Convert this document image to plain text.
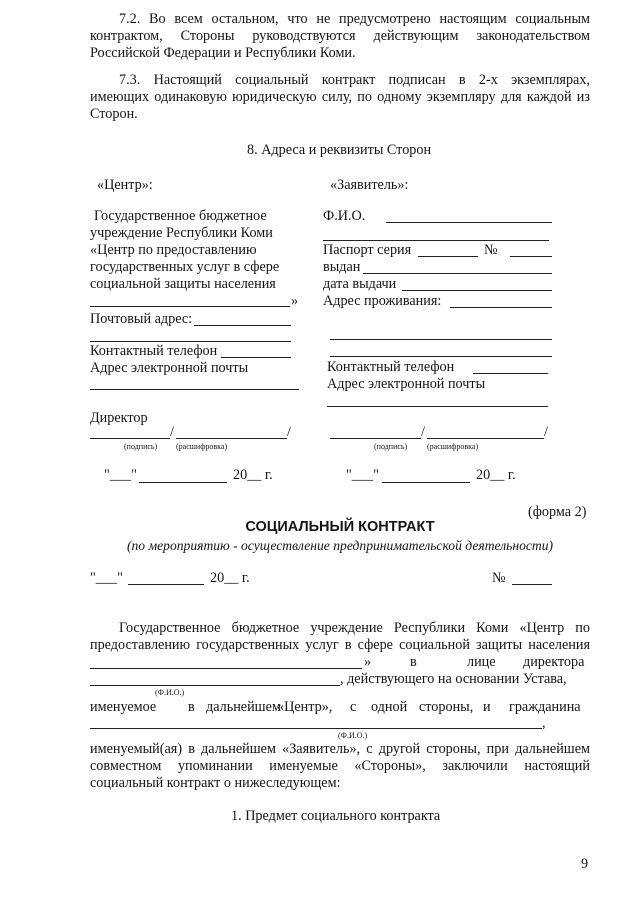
7.2. Во всем остальном, что не предусмотрено настоящим социальным
контрактом, Стороны руководствуются действующим законодательством
Российской Федерации и Республики Коми.
7.3. Настоящий социальный контракт подписан в 2-х экземплярах,
имеющих одинаковую юридическую силу, по одному экземпляру для каждой из
Сторон.
8. Адреса и реквизиты Сторон
«Центр»:
Государственное бюджетное
учреждение Республики Коми
«Центр по предоставлению
государственных услуг в сфере
социальной защиты населения
»
Почтовый адрес:
Контактный телефон
Адрес электронной почты
Директор
/	/
(подпись) (расшифровка)
"___"	20__ г.
«Заявитель»:
Ф.И.О.
Паспорт серия	№
выдан
дата выдачи
Адрес проживания:
Контактный телефон
Адрес электронной почты
/	/
(подпись) (расшифровка)
"___"	20__ г.
(форма 2)
СОЦИАЛЬНЫЙ КОНТРАКТ
(по мероприятию - осуществление предпринимательской деятельности)
"___"	20__ г.	№
Государственное бюджетное учреждение Республики Коми «Центр по
предоставлению государственных услуг в сфере социальной защиты населения
»	в	лице директора
, действующего на основании Устава,
(Ф.И.О.)
именуемое в дальнейшем
«Центр», с одной стороны, и гражданина
,
(Ф.И.О.)
именуемый(ая) в дальнейшем «Заявитель», с другой стороны, при дальнейшем
совместном упоминании именуемые «Стороны», заключили настоящий
социальный контракт о нижеследующем:
1. Предмет социального контракта
9
